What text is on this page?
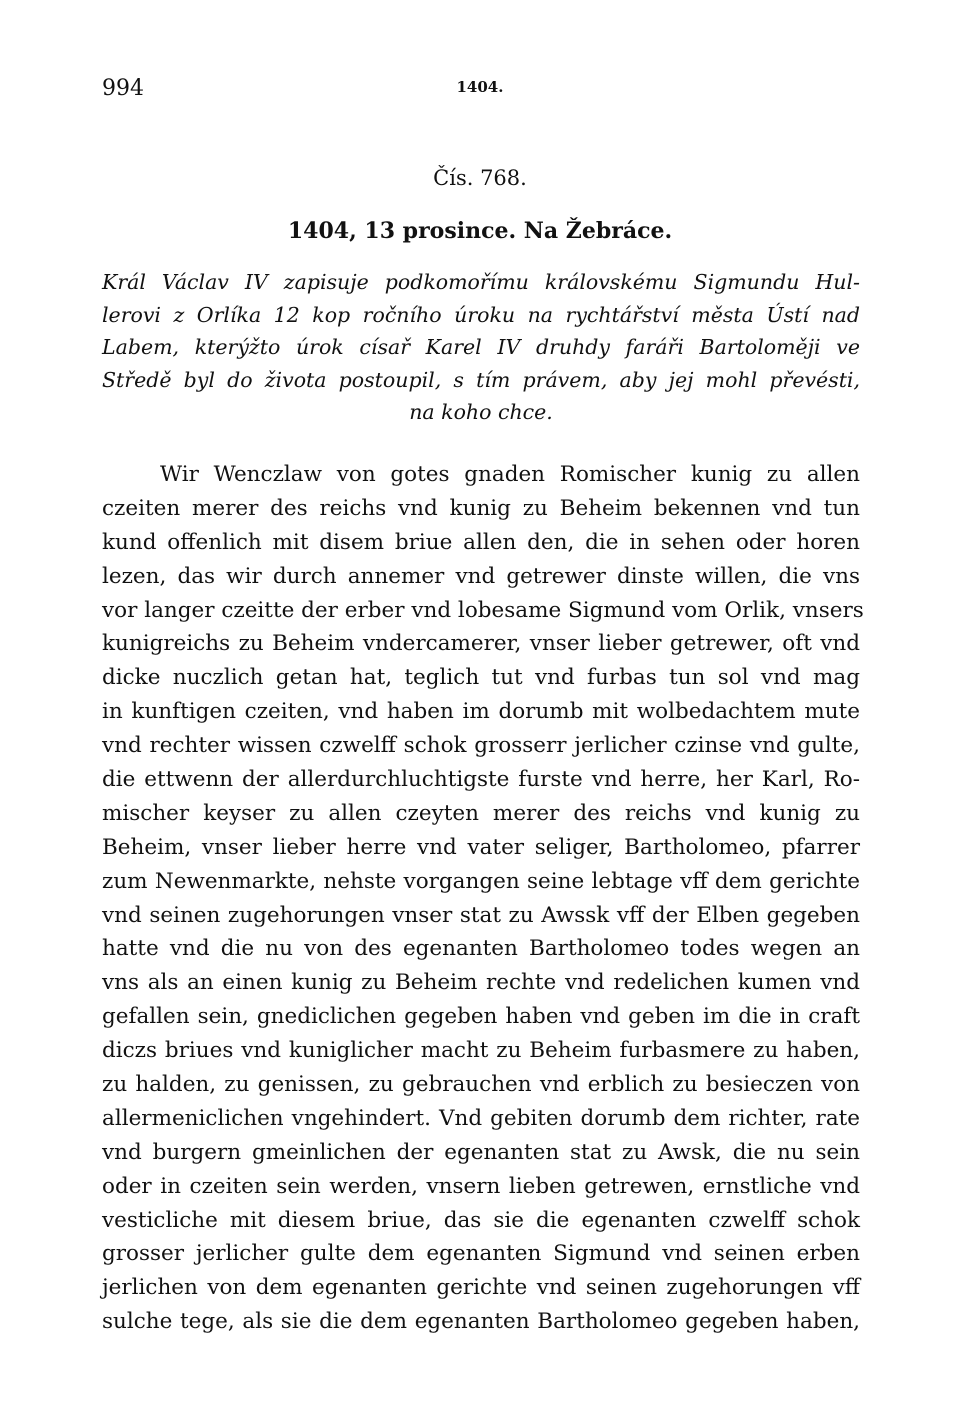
994	1404.
Čís. 768.
1404, 13 prosince. Na Žebráce.
Král Václav IV zapisuje podkomořímu královskému Sigmundu Hul-
lerovi z Orlíka 12 kop ročního úroku na rychtářství města Ústí nad
Labem, kterýžto úrok císař Karel IV druhdy faráři Bartoloměji ve
Středě byl do života postoupil, s tím právem, aby jej mohl převésti,
na koho chce.
Wir Wenczlaw von gotes gnaden Romischer kunig zu allen
czeiten merer des reichs vnd kunig zu Beheim bekennen vnd tun
kund offenlich mit disem briue allen den, die in sehen oder horen
lezen, das wir durch annemer vnd getrewer dinste willen, die vns
vor langer czeitte der erber vnd lobesame Sigmund vom Orlik, vnsers
kunigreichs zu Beheim vndercamerer, vnser lieber getrewer, oft vnd
dicke nuczlich getan hat, teglich tut vnd furbas tun sol vnd mag
in kunftigen czeiten, vnd haben im dorumb mit wolbedachtem mute
vnd rechter wissen czwelff schok grosserr jerlicher czinse vnd gulte,
die ettwenn der allerdurchluchtigste furste vnd herre, her Karl, Ro-
mischer keyser zu allen czeyten merer des reichs vnd kunig zu
Beheim, vnser lieber herre vnd vater seliger, Bartholomeo, pfarrer
zum Newenmarkte, nehste vorgangen seine lebtage vff dem gerichte
vnd seinen zugehorungen vnser stat zu Awssk vff der Elben gegeben
hatte vnd die nu von des egenanten Bartholomeo todes wegen an
vns als an einen kunig zu Beheim rechte vnd redelichen kumen vnd
gefallen sein, gnediclichen gegeben haben vnd geben im die in craft
diczs briues vnd kuniglicher macht zu Beheim furbasmere zu haben,
zu halden, zu genissen, zu gebrauchen vnd erblich zu besieczen von
allermeniclichen vngehindert. Vnd gebiten dorumb dem richter, rate
vnd burgern gmeinlichen der egenanten stat zu Awsk, die nu sein
oder in czeiten sein werden, vnsern lieben getrewen, ernstliche vnd
vesticliche mit diesem briue, das sie die egenanten czwelff schok
grosser jerlicher gulte dem egenanten Sigmund vnd seinen erben
jerlichen von dem egenanten gerichte vnd seinen zugehorungen vff
sulche tege, als sie die dem egenanten Bartholomeo gegeben haben,
